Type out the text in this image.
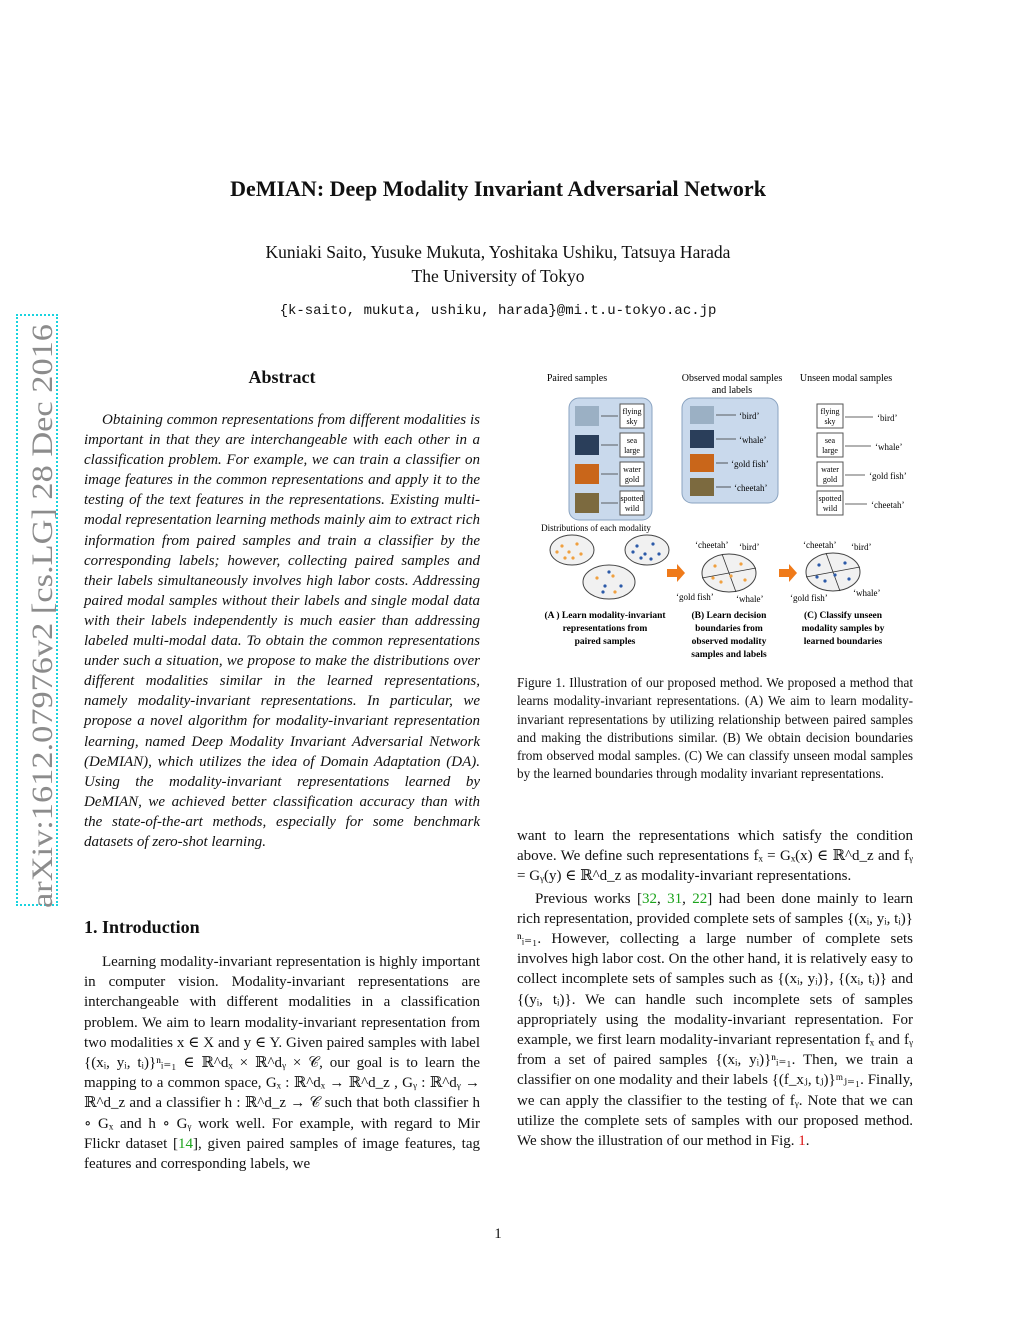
arXiv:1612.07976v2 [cs.LG] 28 Dec 2016
DeMIAN: Deep Modality Invariant Adversarial Network
Kuniaki Saito, Yusuke Mukuta, Yoshitaka Ushiku, Tatsuya Harada
The University of Tokyo
{k-saito, mukuta, ushiku, harada}@mi.t.u-tokyo.ac.jp
Abstract

Obtaining common representations from different modalities is important in that they are interchangeable with each other in a classification problem. For example, we can train a classifier on image features in the common representations and apply it to the testing of the text features in the representations. Existing multi-modal representation learning methods mainly aim to extract rich information from paired samples and train a classifier by the corresponding labels; however, collecting paired samples and their labels simultaneously involves high labor costs. Addressing paired modal samples without their labels and single modal data with their labels independently is much easier than addressing labeled multi-modal data. To obtain the common representations under such a situation, we propose to make the distributions over different modalities similar in the learned representations, namely modality-invariant representations. In particular, we propose a novel algorithm for modality-invariant representation learning, named Deep Modality Invariant Adversarial Network (DeMIAN), which utilizes the idea of Domain Adaptation (DA). Using the modality-invariant representations learned by DeMIAN, we achieved better classification accuracy than with the state-of-the-art methods, especially for some benchmark datasets of zero-shot learning.

1. Introduction

Learning modality-invariant representation is highly important in computer vision. Modality-invariant representations are interchangeable with different modalities in a classification problem. We aim to learn modality-invariant representation from two modalities x ∈ X and y ∈ Y. Given paired samples with label {(xᵢ, yᵢ, tᵢ)}ⁿᵢ₌₁ ∈ ℝ^dₓ × ℝ^dᵧ × 𝒞, our goal is to learn the mapping to a common space, Gₓ : ℝ^dₓ → ℝ^d_z , Gᵧ : ℝ^dᵧ → ℝ^d_z and a classifier h : ℝ^d_z → 𝒞 such that both classifier h ∘ Gₓ and h ∘ Gᵧ work well. For example, with regard to Mir Flickr dataset [14], given paired samples of image features, tag features and corresponding labels, we

Paired samples	Observed modal samples
and labels
Unseen modal samples
flying
sky
sea
large
water
gold
spotted
wild
‘bird’
‘whale’
‘gold fish’
‘cheetah’
flying
sky
sea
large
water
gold
spotted
wild
‘bird’
‘whale’
‘gold fish’
‘cheetah’
Distributions of each modality
‘cheetah’ ‘bird’
‘gold fish’ ‘whale’
‘cheetah’ ‘bird’
‘gold fish’	‘whale’
(A ) Learn modality-invariant
representations from
paired samples
(B) Learn decision
boundaries from
observed modality
samples and labels
(C) Classify unseen
modality samples by
learned boundaries
Figure 1. Illustration of our proposed method. We proposed a method that learns modality-invariant representations. (A) We aim to learn modality-invariant representations by utilizing relationship between paired samples and making the distributions similar. (B) We obtain decision boundaries from observed modal samples. (C) We can classify unseen modal samples by the learned boundaries through modality invariant representations.

want to learn the representations which satisfy the condition above. We define such representations fₓ = Gₓ(x) ∈ ℝ^d_z and fᵧ = Gᵧ(y) ∈ ℝ^d_z as modality-invariant representations.

Previous works [32, 31, 22] had been done mainly to learn rich representation, provided complete sets of samples {(xᵢ, yᵢ, tᵢ)}ⁿᵢ₌₁. However, collecting a large number of complete sets involves high labor cost. On the other hand, it is relatively easy to collect incomplete sets of samples such as {(xᵢ, yᵢ)}, {(xᵢ, tᵢ)} and {(yᵢ, tᵢ)}. We can handle such incomplete sets of samples appropriately using the modality-invariant representation. For example, we first learn modality-invariant representation fₓ and fᵧ from a set of paired samples {(xᵢ, yᵢ)}ⁿᵢ₌₁. Then, we train a classifier on one modality and their labels {(f_xⱼ, tⱼ)}ᵐⱼ₌₁. Finally, we can apply the classifier to the testing of fᵧ. Note that we can utilize the complete sets of samples with our proposed method. We show the illustration of our method in Fig. 1.

1
